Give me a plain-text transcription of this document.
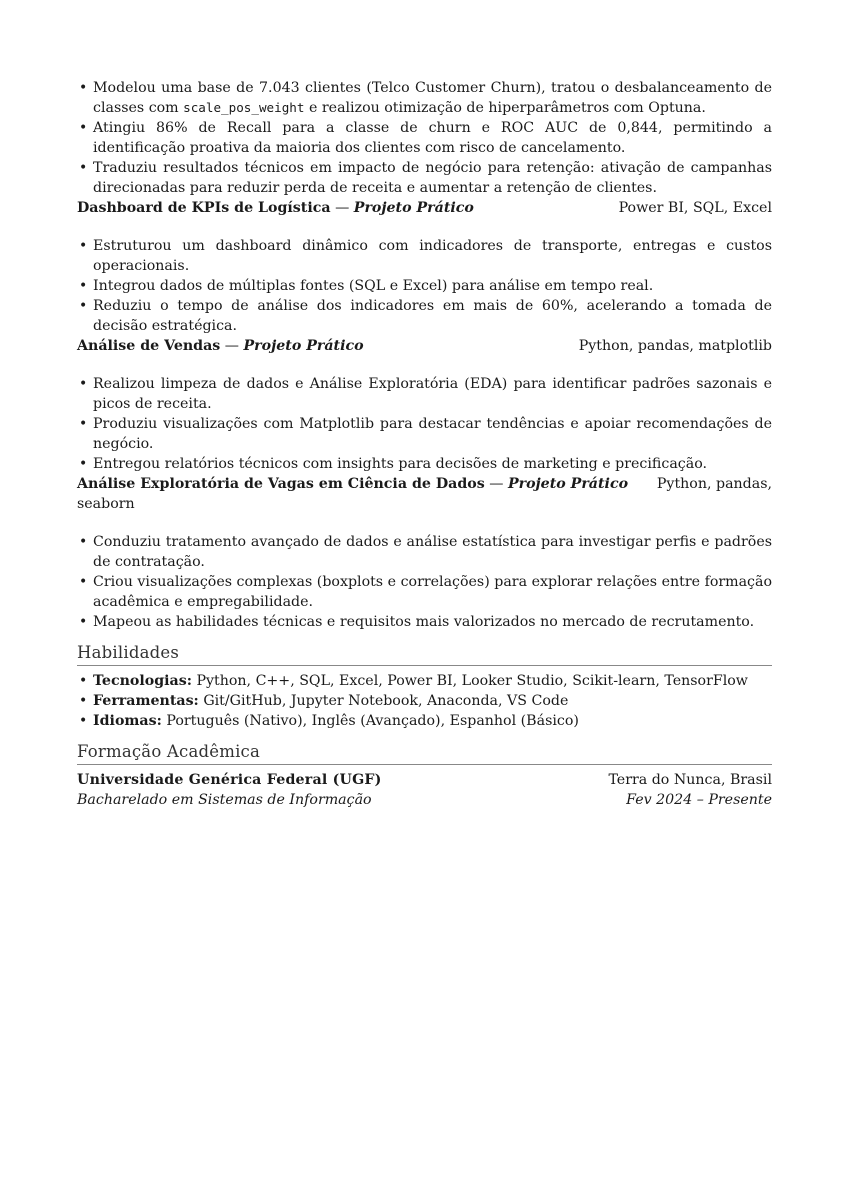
• Modelou uma base de 7.043 clientes (Telco Customer Churn), tratou o desbalanceamento de classes com scale_pos_weight e realizou otimização de hiperparâmetros com Optuna.
• Atingiu 86% de Recall para a classe de churn e ROC AUC de 0,844, permitindo a identificação proativa da maioria dos clientes com risco de cancelamento.
• Traduziu resultados técnicos em impacto de negócio para retenção: ativação de campanhas direcionadas para reduzir perda de receita e aumentar a retenção de clientes.
Dashboard de KPIs de Logística — Projeto Prático	Power BI, SQL, Excel
• Estruturou um dashboard dinâmico com indicadores de transporte, entregas e custos operacionais.
• Integrou dados de múltiplas fontes (SQL e Excel) para análise em tempo real.
• Reduziu o tempo de análise dos indicadores em mais de 60%, acelerando a tomada de decisão estratégica.
Análise de Vendas — Projeto Prático	Python, pandas, matplotlib
• Realizou limpeza de dados e Análise Exploratória (EDA) para identificar padrões sazonais e picos de receita.
• Produziu visualizações com Matplotlib para destacar tendências e apoiar recomendações de negócio.
• Entregou relatórios técnicos com insights para decisões de marketing e precificação.
Análise Exploratória de Vagas em Ciência de Dados — Projeto Prático Python, pandas,
seaborn
• Conduziu tratamento avançado de dados e análise estatística para investigar perfis e padrões de contratação.
• Criou visualizações complexas (boxplots e correlações) para explorar relações entre formação acadêmica e empregabilidade.
• Mapeou as habilidades técnicas e requisitos mais valorizados no mercado de recrutamento.
Habilidades
• Tecnologias: Python, C++, SQL, Excel, Power BI, Looker Studio, Scikit-learn, TensorFlow
• Ferramentas: Git/GitHub, Jupyter Notebook, Anaconda, VS Code
• Idiomas: Português (Nativo), Inglês (Avançado), Espanhol (Básico)
Formação Acadêmica
Universidade Genérica Federal (UGF)	Terra do Nunca, Brasil
Bacharelado em Sistemas de Informação	Fev 2024 – Presente
